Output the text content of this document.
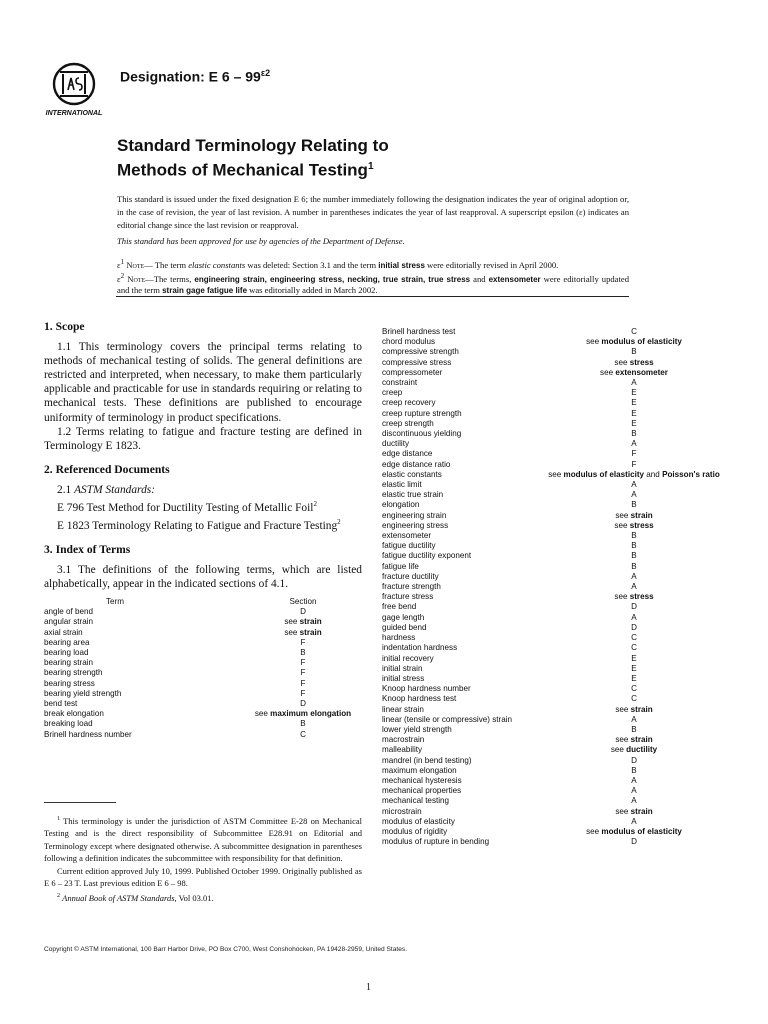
INTERNATIONAL
Designation: E $6 - 99^{\varepsilon 2}$
Standard Terminology Relating to
Methods of Mechanical Testing$^1$
This standard is issued under the fixed designation E 6; the number immediately following the designation indicates the year of original adoption or, in the case of revision, the year of last revision. A number in parentheses indicates the year of last reapproval. A superscript epsilon (ε) indicates an editorial change since the last revision or reapproval.
This standard has been approved for use by agencies of the Department of Defense.
$\varepsilon^1$ Note— The term elastic constants was deleted: Section 3.1 and the term initial stress were editorially revised in April 2000.
$\varepsilon^2$ Note—The terms, engineering strain, engineering stress, necking, true strain, true stress and extensometer were editorially updated and the term strain gage fatigue life was editorially added in March 2002.
1. Scope

1.1 This terminology covers the principal terms relating to methods of mechanical testing of solids. The general definitions are restricted and interpreted, when necessary, to make them particularly applicable and practicable for use in standards requiring or relating to mechanical tests. These definitions are published to encourage uniformity of terminology in product specifications.

1.2 Terms relating to fatigue and fracture testing are defined in Terminology E 1823.

2. Referenced Documents

2.1 ASTM Standards:

E 796 Test Method for Ductility Testing of Metallic Foil$^2$

E 1823 Terminology Relating to Fatigue and Fracture Testing$^2$

3. Index of Terms

3.1 The definitions of the following terms, which are listed alphabetically, appear in the indicated sections of 4.1.

Term	Section
angle of bend	D
angular strain	see strain
axial strain	see strain
bearing area	F
bearing load	B
bearing strain	F
bearing strength	F
bearing stress	F
bearing yield strength	F
bend test	D
break elongation	see maximum elongation
breaking load	B
Brinell hardness number	C
Brinell hardness test	C
chord modulus	see modulus of elasticity
compressive strength	B
compressive stress	see stress
compressometer	see extensometer
constraint	A
creep	E
creep recovery	E
creep rupture strength	E
creep strength	E
discontinuous yielding	B
ductility	A
edge distance	F
edge distance ratio	F
elastic constants	see modulus of elasticity and Poisson's ratio
elastic limit	A
elastic true strain	A
elongation	B
engineering strain	see strain
engineering stress	see stress
extensometer	B
fatigue ductility	B
fatigue ductility exponent	B
fatigue life	B
fracture ductility	A
fracture strength	A
fracture stress	see stress
free bend	D
gage length	A
guided bend	D
hardness	C
indentation hardness	C
initial recovery	E
initial strain	E
initial stress	E
Knoop hardness number	C
Knoop hardness test	C
linear strain	see strain
linear (tensile or compressive) strain	A
lower yield strength	B
macrostrain	see strain
malleability	see ductility
mandrel (in bend testing)	D
maximum elongation	B
mechanical hysteresis	A
mechanical properties	A
mechanical testing	A
microstrain	see strain
modulus of elasticity	A
modulus of rigidity	see modulus of elasticity
modulus of rupture in bending	D

$^1$ This terminology is under the jurisdiction of ASTM Committee E-28 on Mechanical Testing and is the direct responsibility of Subcommittee E28.91 on Editorial and Terminology except where designated otherwise. A subcommittee designation in parentheses following a definition indicates the subcommittee with responsibility for that definition.

Current edition approved July 10, 1999. Published October 1999. Originally published as E 6 – 23 T. Last previous edition E 6 – 98.

$^2$ Annual Book of ASTM Standards, Vol 03.01.

Copyright © ASTM International, 100 Barr Harbor Drive, PO Box C700, West Conshohocken, PA 19428-2959, United States.
1
